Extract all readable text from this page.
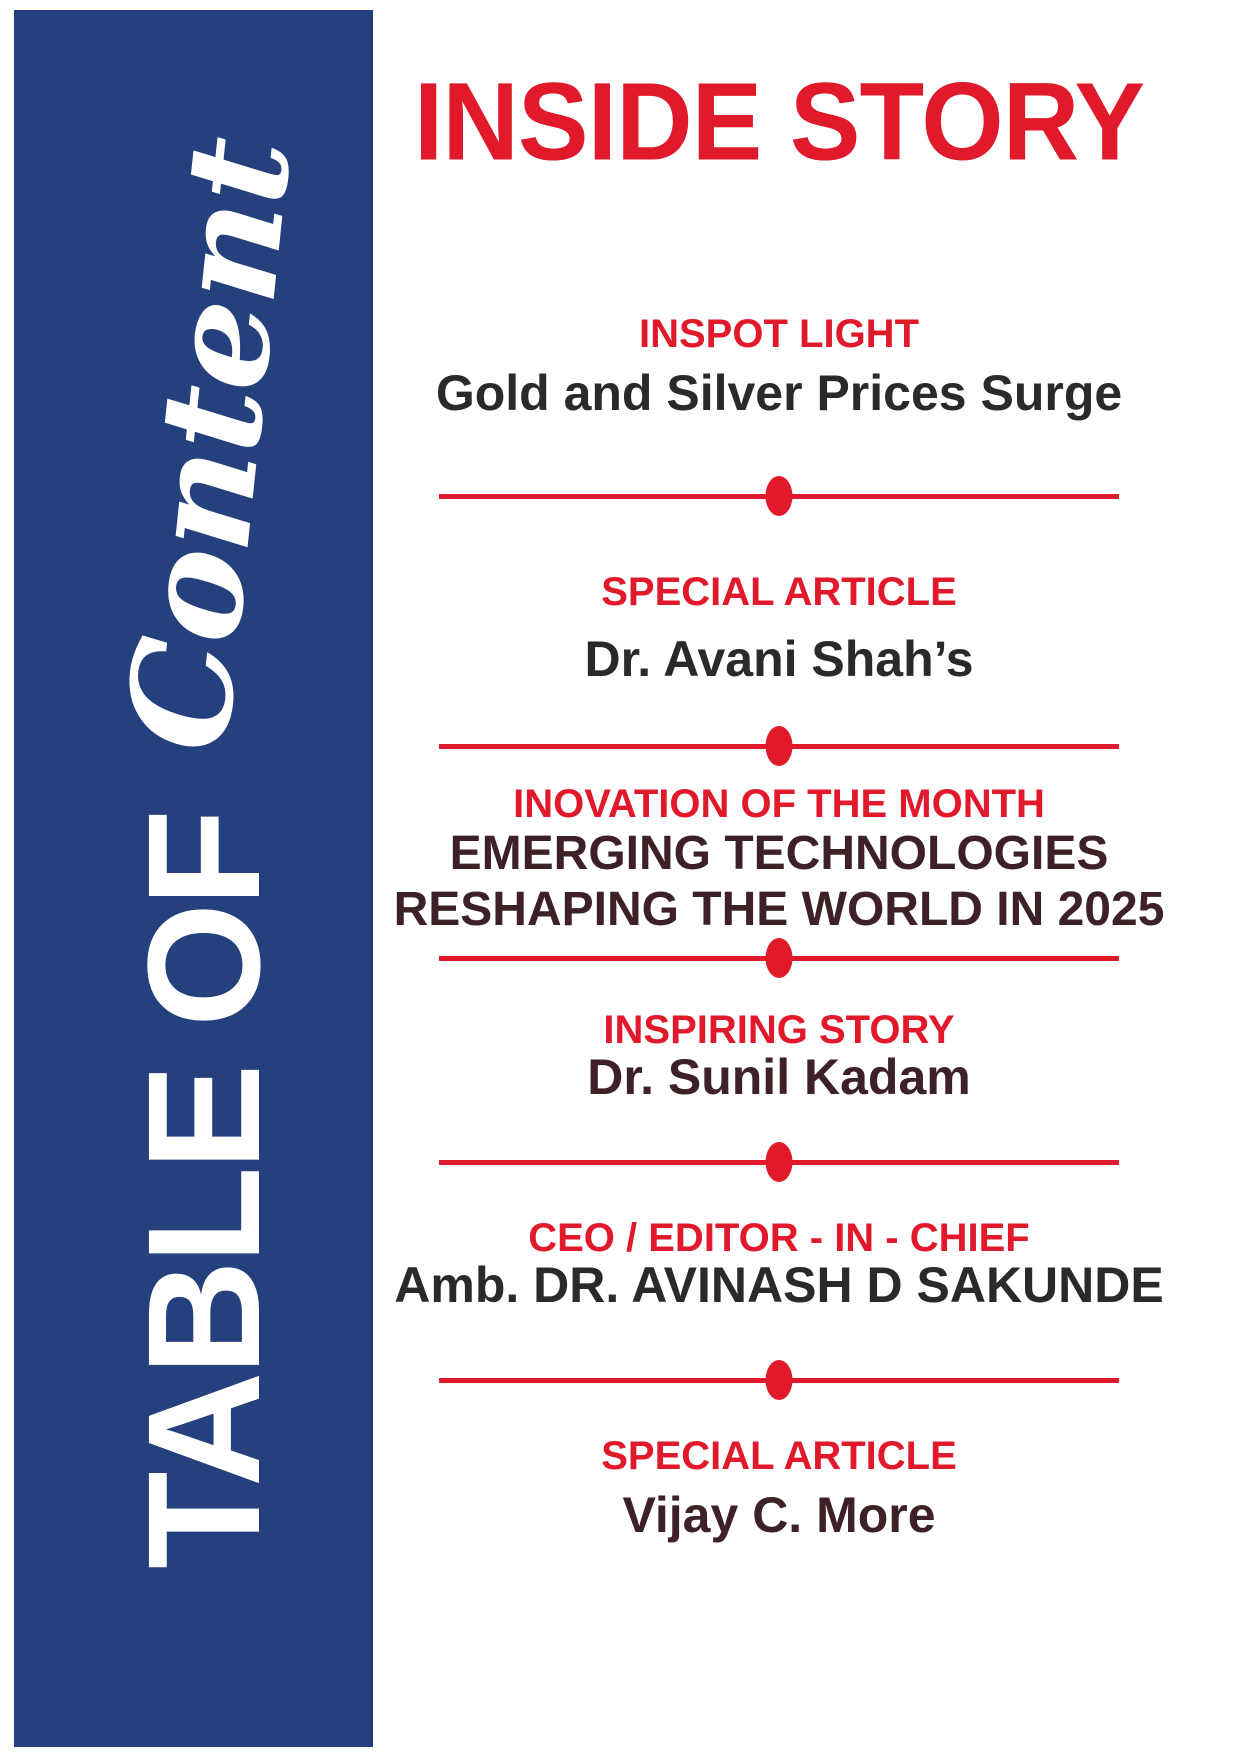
Content
TABLE OF
INSIDE STORY
INSPOT LIGHT
Gold and Silver Prices Surge
SPECIAL ARTICLE
Dr. Avani Shah’s
INOVATION OF THE MONTH
EMERGING TECHNOLOGIES
RESHAPING THE WORLD IN 2025
INSPIRING STORY
Dr. Sunil Kadam
CEO / EDITOR - IN - CHIEF
Amb. DR. AVINASH D SAKUNDE
SPECIAL ARTICLE
Vijay C. More
